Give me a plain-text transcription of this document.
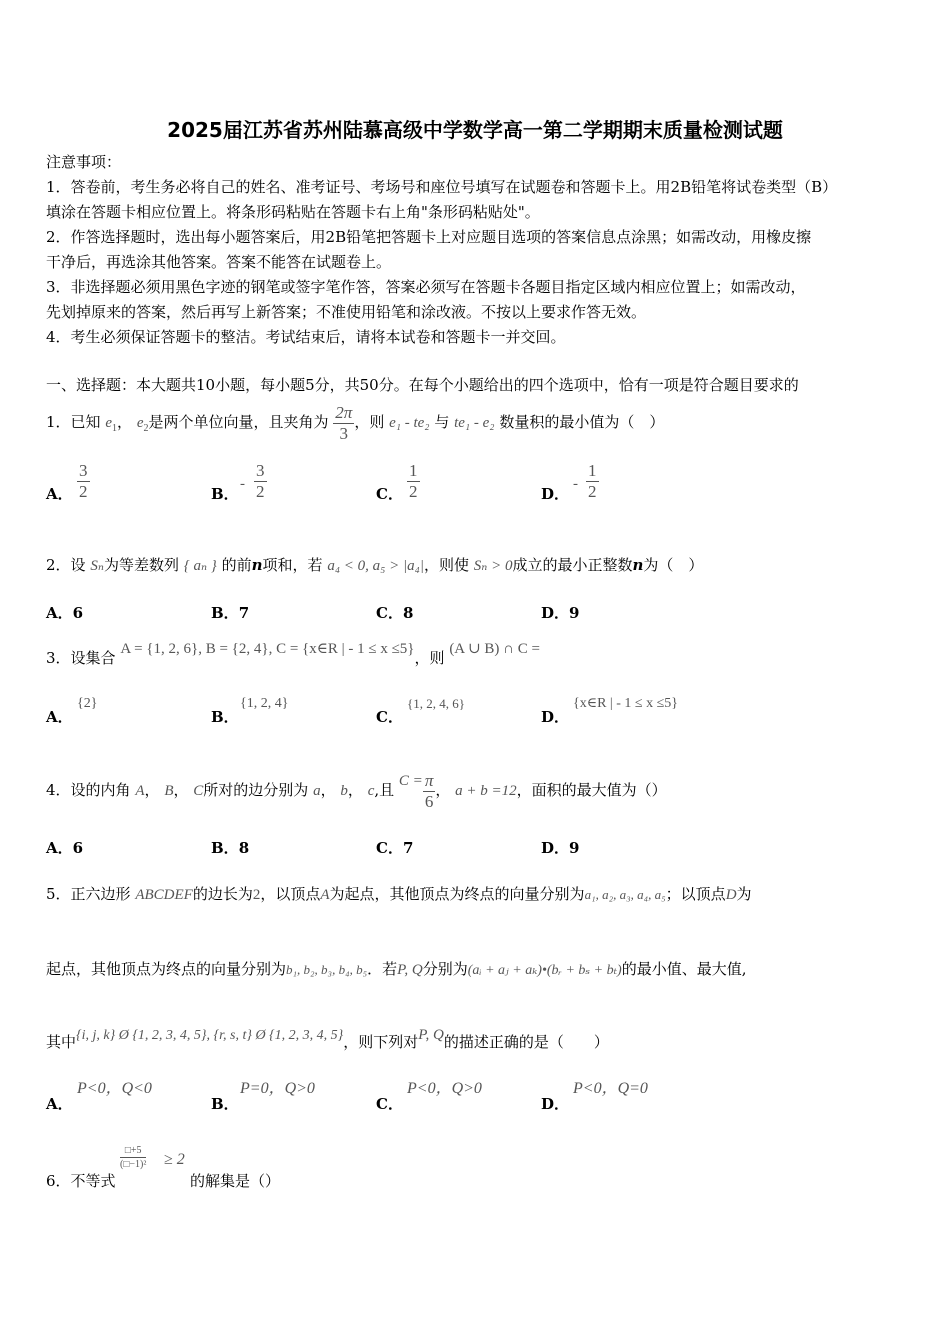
2025届江苏省苏州陆慕高级中学数学高一第二学期期末质量检测试题
注意事项：
1．答卷前，考生务必将自己的姓名、准考证号、考场号和座位号填写在试题卷和答题卡上。用2B铅笔将试卷类型（B）
填涂在答题卡相应位置上。将条形码粘贴在答题卡右上角"条形码粘贴处"。
2．作答选择题时，选出每小题答案后，用2B铅笔把答题卡上对应题目选项的答案信息点涂黑；如需改动，用橡皮擦
干净后，再选涂其他答案。答案不能答在试题卷上。
3．非选择题必须用黑色字迹的钢笔或签字笔作答，答案必须写在答题卡各题目指定区域内相应位置上；如需改动，
先划掉原来的答案，然后再写上新答案；不准使用铅笔和涂改液。不按以上要求作答无效。
4．考生必须保证答题卡的整洁。考试结束后，请将本试卷和答题卡一并交回。
一、选择题：本大题共10小题，每小题5分，共50分。在每个小题给出的四个选项中，恰有一项是符合题目要求的
1．已知 $e_1$， $e_2$是两个单位向量，且夹角为 $\frac{2\pi}{3}$ ，则 e₁ - te₂ 与 te₁ - e₂ 数量积的最小值为（　）
A． $\frac{3}{2}$	B．
- $\frac{3}{2}$	C． $\frac{1}{2}$	D．
- $\frac{1}{2}$
2．设 Sₙ为等差数列 { aₙ } 的前n项和，若 a₄ < 0, a₅ > |a₄|，则使 Sₙ > 0成立的最小正整数n为（　）
A．6	B．7	C．8	D．9
3．设集合 A = {1, 2, 6}, B = {2, 4}, C = {x∈R | - 1 ≤ x ≤5}，则 (A ∪ B) ∩ C =
A．
{2}
B．
{1, 2, 4}
C．
{1, 2, 4, 6}
D．
{x∈R | - 1 ≤ x ≤5}
4．设的内角 A， B， C所对的边分别为 a， b， c,且 $C = \frac{\pi}{6}$ ， a + b =12，面积的最大值为（）
A．6	B．8	C．7	D．9
5．正六边形 ABCDEF的边长为2，以顶点A为起点，其他顶点为终点的向量分别为a₁, a₂, a₃, a₄, a₅；以顶点D为
起点，其他顶点为终点的向量分别为b₁, b₂, b₃, b₄, b₅．若P, Q分别为(aᵢ + aⱼ + aₖ)•(bᵣ + bₛ + bₜ)的最小值、最大值,
其中{i, j, k} Ø {1, 2, 3, 4, 5}, {r, s, t} Ø {1, 2, 3, 4, 5}，则下列对P, Q的描述正确的是（　　）
A．
P<0，Q<0
B．
P=0，Q>0
C．
P<0，Q>0
D．
P<0，Q=0
6．不等式
$\frac{□+5}{\text{(□−1)²}} \ge 2$
的解集是（）
